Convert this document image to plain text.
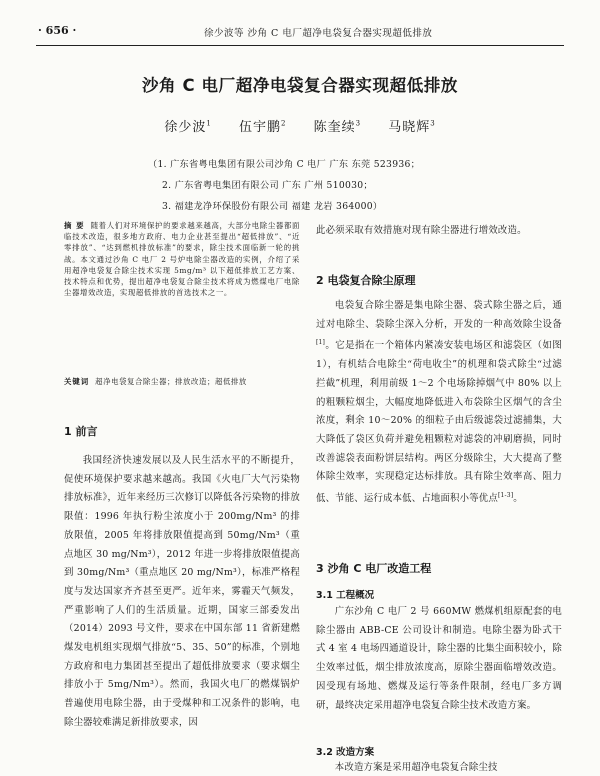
· 656 ·	徐少波等 沙角 C 电厂超净电袋复合器实现超低排放
沙角 C 电厂超净电袋复合器实现超低排放
徐少波$^1$ 伍宇鹏$^2$ 陈奎续$^3$ 马晓辉$^3$
（1. 广东省粤电集团有限公司沙角 C 电厂 广东 东莞 523936；
2. 广东省粤电集团有限公司 广东 广州 510030；
3. 福建龙净环保股份有限公司 福建 龙岩 364000）
摘 要 随着人们对环境保护的要求越来越高，大部分电除尘器都面临技术改造，很多地方政府、电力企业甚至提出“超低排放”、“近零排放”、“达到燃机排放标准”的要求，除尘技术面临新一轮的挑战。本文通过沙角 C 电厂 2 号炉电除尘器改造的实例，介绍了采用超净电袋复合除尘技术实现 5mg/m³ 以下超低排放工艺方案、技术特点和优势，提出超净电袋复合除尘技术将成为燃煤电厂电除尘器增效改造，实现超低排放的首选技术之一。
关键词 超净电袋复合除尘器；排放改造；超低排放
1 前言
我国经济快速发展以及人民生活水平的不断提升，促使环境保护要求越来越高。我国《火电厂大气污染物排放标准》，近年来经历三次修订以降低各污染物的排放限值：1996 年执行粉尘浓度小于 200mg/Nm³ 的排放限值，2005 年将排放限值提高到 50mg/Nm³（重点地区 30 mg/Nm³），2012 年进一步将排放限值提高到 30mg/Nm³（重点地区 20 mg/Nm³），标准严格程度与发达国家齐齐甚至更严。近年来，雾霾天气频发，严重影响了人们的生活质量。近期，国家三部委发出（2014）2093 号文件，要求在中国东部 11 省新建燃煤发电机组实现烟气排放“5、35、50”的标准，个别地方政府和电力集团甚至提出了超低排放要求（要求烟尘排放小于 5mg/Nm³）。然而，我国火电厂的燃煤锅炉普遍使用电除尘器，由于受煤种和工况条件的影响，电除尘器较难满足新排放要求，因
此必须采取有效措施对现有除尘器进行增效改造。
2 电袋复合除尘原理
电袋复合除尘器是集电除尘器、袋式除尘器之后，通过对电除尘、袋除尘深入分析，开发的一种高效除尘设备[1]。它是指在一个箱体内紧凑安装电场区和滤袋区（如图 1），有机结合电除尘“荷电收尘”的机理和袋式除尘“过滤拦截”机理，利用前级 1～2 个电场除掉烟气中 80% 以上的粗颗粒烟尘，大幅度地降低进入布袋除尘区烟气的含尘浓度，剩余 10～20% 的细粒子由后级滤袋过滤捕集，大大降低了袋区负荷并避免粗颗粒对滤袋的冲刷磨损，同时改善滤袋表面粉饼层结构。两区分级除尘，大大提高了整体除尘效率，实现稳定达标排放。具有除尘效率高、阻力低、节能、运行成本低、占地面积小等优点[1-3]。
3 沙角 C 电厂改造工程
3.1 工程概况
广东沙角 C 电厂 2 号 660MW 燃煤机组原配套的电除尘器由 ABB-CE 公司设计和制造。电除尘器为卧式干式 4 室 4 电场四通道设计，除尘器的比集尘面积较小，除尘效率过低，烟尘排放浓度高，原除尘器面临增效改造。因受现有场地、燃煤及运行等条件限制，经电厂多方调研，最终决定采用超净电袋复合除尘技术改造方案。
3.2 改造方案
本改造方案是采用超净电袋复合除尘技
